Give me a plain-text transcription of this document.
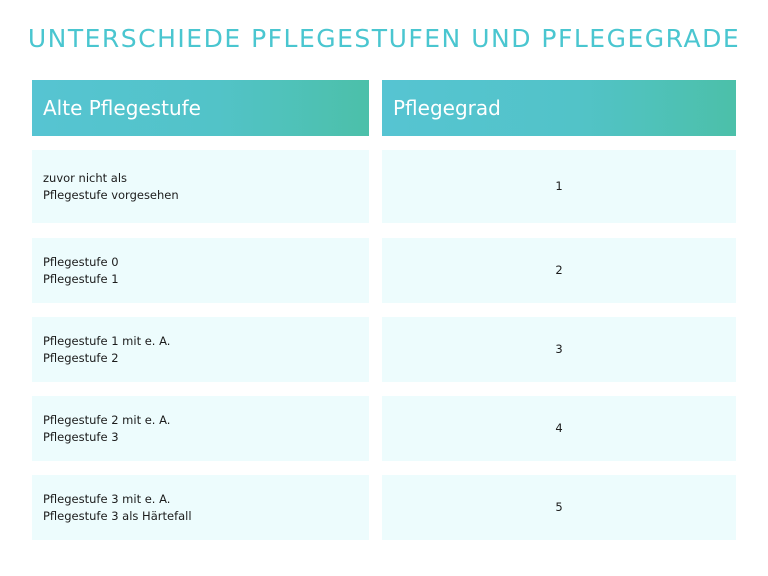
UNTERSCHIEDE PFLEGESTUFEN UND PFLEGEGRADE
Alte Pflegestufe
zuvor nicht als
Pflegestufe vorgesehen
Pflegestufe 0
Pflegestufe 1
Pflegestufe 1 mit e. A.
Pflegestufe 2
Pflegestufe 2 mit e. A.
Pflegestufe 3
Pflegestufe 3 mit e. A.
Pflegestufe 3 als Härtefall
Pflegegrad
1
2
3
4
5
